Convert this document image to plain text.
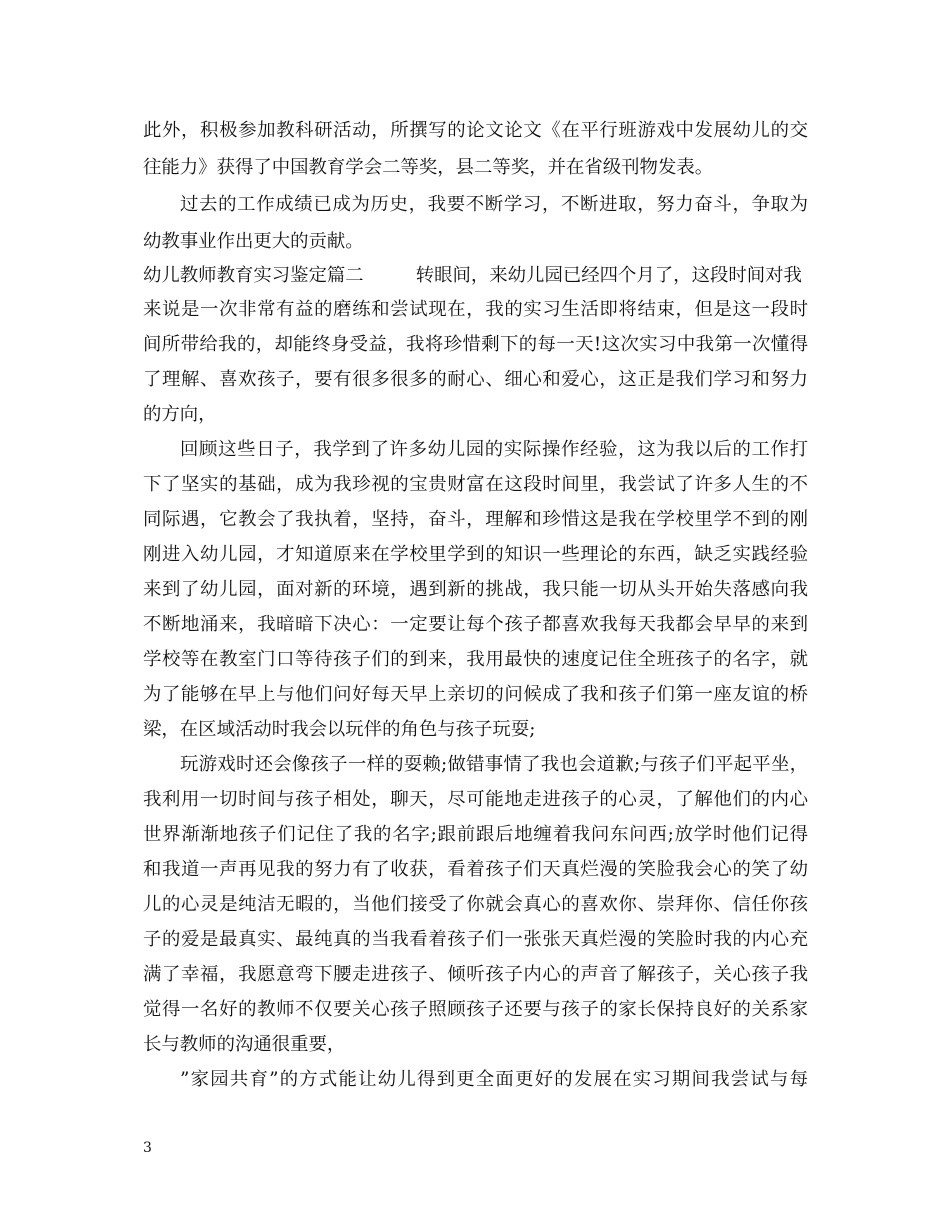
此外，积极参加教科研活动，所撰写的论文论文《在平行班游戏中发展幼儿的交
往能力》获得了中国教育学会二等奖，县二等奖，并在省级刊物发表。
过去的工作成绩已成为历史，我要不断学习，不断进取，努力奋斗，争取为
幼教事业作出更大的贡献。
幼儿教师教育实习鉴定篇二	转眼间，来幼儿园已经四个月了，这段时间对我
来说是一次非常有益的磨练和尝试现在，我的实习生活即将结束，但是这一段时
间所带给我的，却能终身受益，我将珍惜剩下的每一天!这次实习中我第一次懂得
了理解、喜欢孩子，要有很多很多的耐心、细心和爱心，这正是我们学习和努力
的方向，
回顾这些日子，我学到了许多幼儿园的实际操作经验，这为我以后的工作打
下了坚实的基础，成为我珍视的宝贵财富在这段时间里，我尝试了许多人生的不
同际遇，它教会了我执着，坚持，奋斗，理解和珍惜这是我在学校里学不到的刚
刚进入幼儿园，才知道原来在学校里学到的知识一些理论的东西，缺乏实践经验
来到了幼儿园，面对新的环境，遇到新的挑战，我只能一切从头开始失落感向我
不断地涌来，我暗暗下决心：一定要让每个孩子都喜欢我每天我都会早早的来到
学校等在教室门口等待孩子们的到来，我用最快的速度记住全班孩子的名字，就
为了能够在早上与他们问好每天早上亲切的问候成了我和孩子们第一座友谊的桥
梁，在区域活动时我会以玩伴的角色与孩子玩耍;
玩游戏时还会像孩子一样的耍赖;做错事情了我也会道歉;与孩子们平起平坐，
我利用一切时间与孩子相处，聊天，尽可能地走进孩子的心灵，了解他们的内心
世界渐渐地孩子们记住了我的名字;跟前跟后地缠着我问东问西;放学时他们记得
和我道一声再见我的努力有了收获，看着孩子们天真烂漫的笑脸我会心的笑了幼
儿的心灵是纯洁无暇的，当他们接受了你就会真心的喜欢你、崇拜你、信任你孩
子的爱是最真实、最纯真的当我看着孩子们一张张天真烂漫的笑脸时我的内心充
满了幸福，我愿意弯下腰走进孩子、倾听孩子内心的声音了解孩子，关心孩子我
觉得一名好的教师不仅要关心孩子照顾孩子还要与孩子的家长保持良好的关系家
长与教师的沟通很重要，
”家园共育”的方式能让幼儿得到更全面更好的发展在实习期间我尝试与每
3
